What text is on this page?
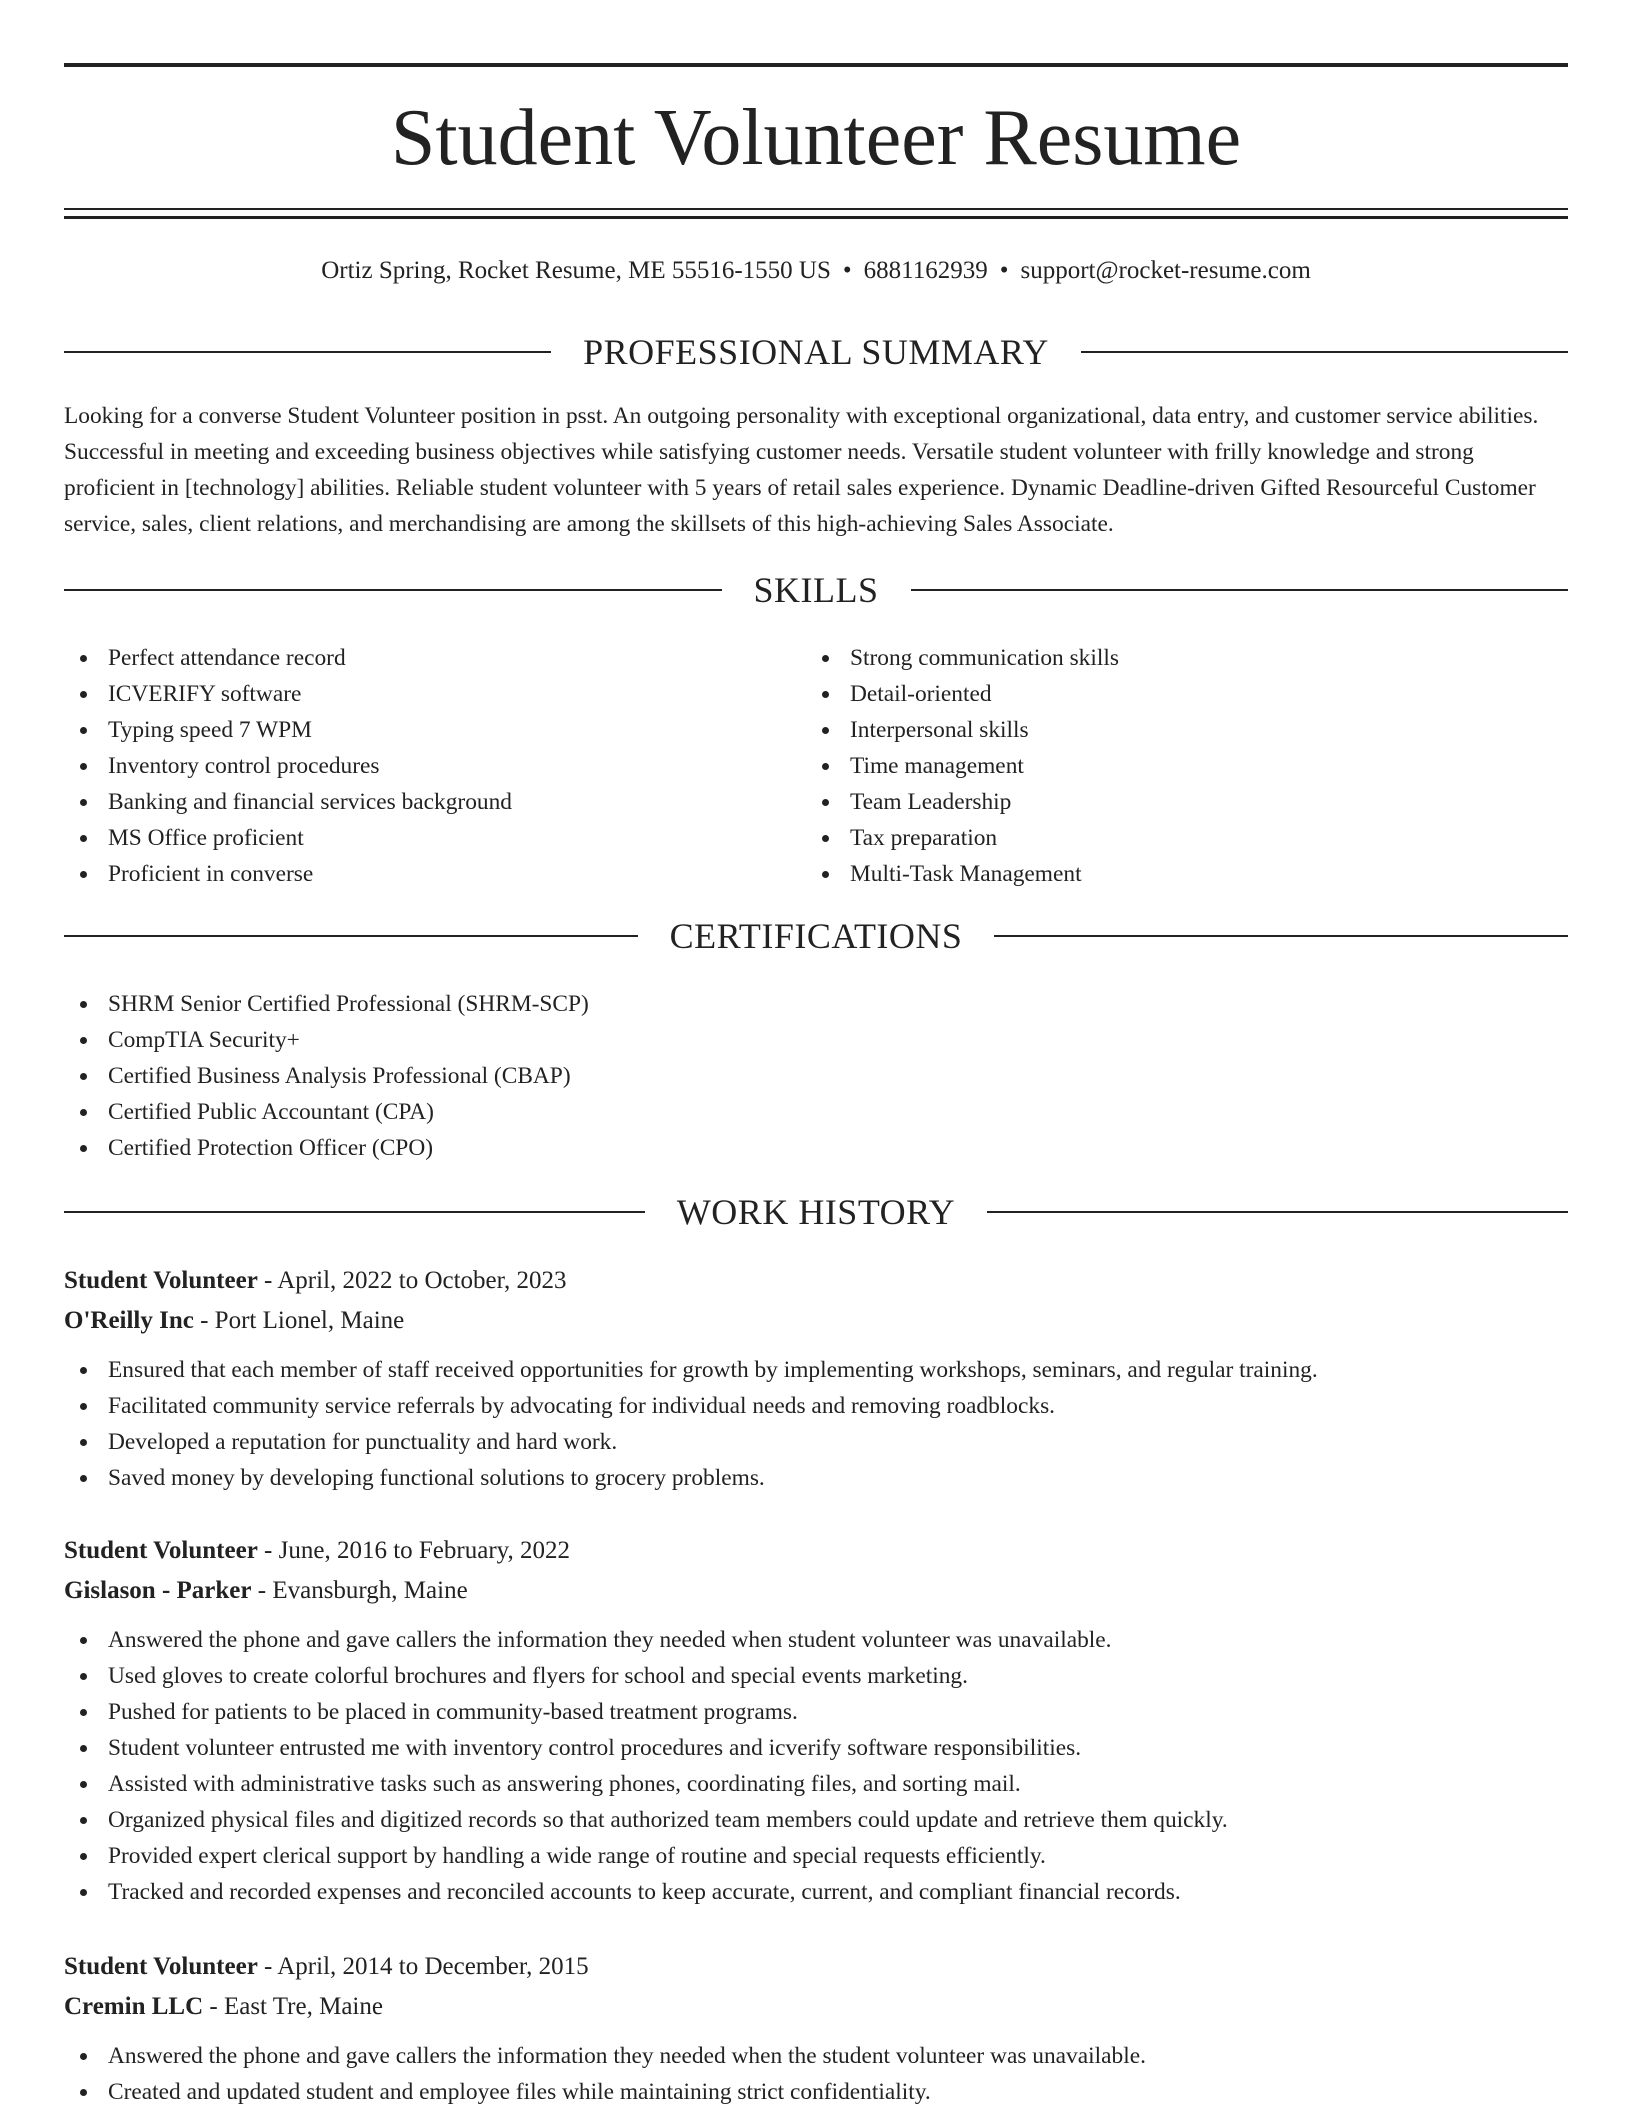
Student Volunteer Resume
Ortiz Spring, Rocket Resume, ME 55516-1550 US • 6881162939 • support@rocket-resume.com
PROFESSIONAL SUMMARY

Looking for a converse Student Volunteer position in psst. An outgoing personality with exceptional organizational, data entry, and customer service abilities. Successful in meeting and exceeding business objectives while satisfying customer needs. Versatile student volunteer with frilly knowledge and strong proficient in [technology] abilities. Reliable student volunteer with 5 years of retail sales experience. Dynamic Deadline-driven Gifted Resourceful Customer service, sales, client relations, and merchandising are among the skillsets of this high-achieving Sales Associate.

SKILLS
Perfect attendance record
ICVERIFY software
Typing speed 7 WPM
Inventory control procedures
Banking and financial services background
MS Office proficient
Proficient in converse
Strong communication skills
Detail-oriented
Interpersonal skills
Time management
Team Leadership
Tax preparation
Multi-Task Management
CERTIFICATIONS
SHRM Senior Certified Professional (SHRM-SCP)
CompTIA Security+
Certified Business Analysis Professional (CBAP)
Certified Public Accountant (CPA)
Certified Protection Officer (CPO)
WORK HISTORY
Student Volunteer - April, 2022 to October, 2023
O'Reilly Inc - Port Lionel, Maine
Ensured that each member of staff received opportunities for growth by implementing workshops, seminars, and regular training.
Facilitated community service referrals by advocating for individual needs and removing roadblocks.
Developed a reputation for punctuality and hard work.
Saved money by developing functional solutions to grocery problems.
Student Volunteer - June, 2016 to February, 2022
Gislason - Parker - Evansburgh, Maine
Answered the phone and gave callers the information they needed when student volunteer was unavailable.
Used gloves to create colorful brochures and flyers for school and special events marketing.
Pushed for patients to be placed in community-based treatment programs.
Student volunteer entrusted me with inventory control procedures and icverify software responsibilities.
Assisted with administrative tasks such as answering phones, coordinating files, and sorting mail.
Organized physical files and digitized records so that authorized team members could update and retrieve them quickly.
Provided expert clerical support by handling a wide range of routine and special requests efficiently.
Tracked and recorded expenses and reconciled accounts to keep accurate, current, and compliant financial records.
Student Volunteer - April, 2014 to December, 2015
Cremin LLC - East Tre, Maine
Answered the phone and gave callers the information they needed when the student volunteer was unavailable.
Created and updated student and employee files while maintaining strict confidentiality.
